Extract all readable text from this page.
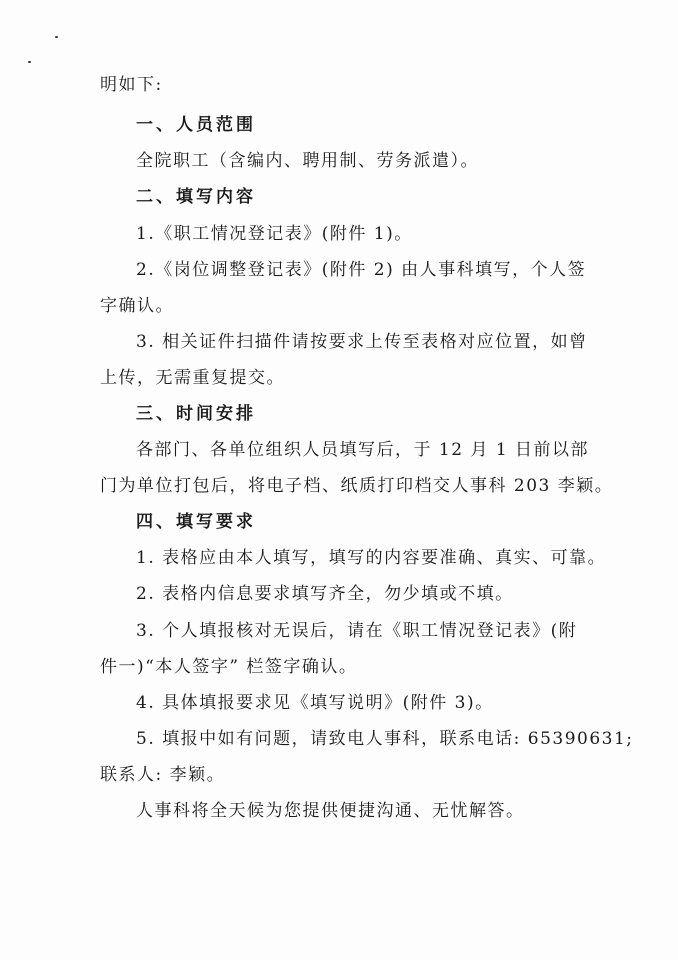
明如下:
一、人员范围
全院职工（含编内、聘用制、劳务派遣）。
二、填写内容
1.《职工情况登记表》(附件 1)。
2.《岗位调整登记表》(附件 2) 由人事科填写，个人签
字确认。
3. 相关证件扫描件请按要求上传至表格对应位置，如曾
上传，无需重复提交。
三、时间安排
各部门、各单位组织人员填写后，于 12 月 1 日前以部
门为单位打包后，将电子档、纸质打印档交人事科 203 李颖。
四、填写要求
1. 表格应由本人填写，填写的内容要准确、真实、可靠。
2. 表格内信息要求填写齐全，勿少填或不填。
3. 个人填报核对无误后，请在《职工情况登记表》(附
件一)“本人签字” 栏签字确认。
4. 具体填报要求见《填写说明》(附件 3)。
5. 填报中如有问题，请致电人事科，联系电话: 65390631;
联系人: 李颖。
人事科将全天候为您提供便捷沟通、无忧解答。
